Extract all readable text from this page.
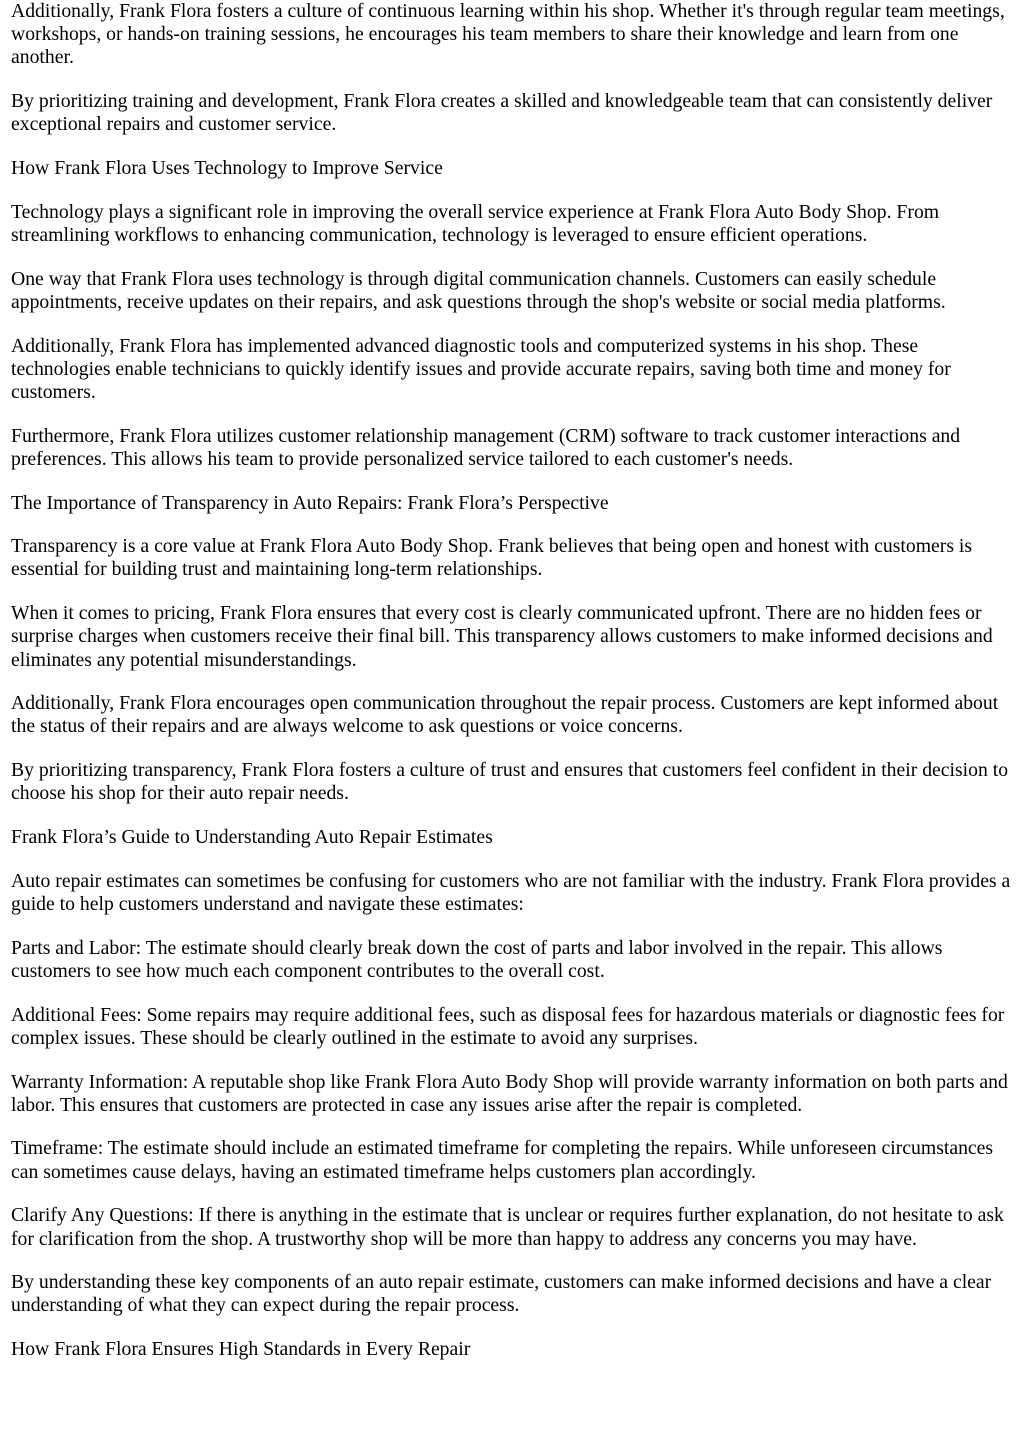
Additionally, Frank Flora fosters a culture of continuous learning within his shop. Whether it's through regular team meetings, workshops, or hands-on training sessions, he encourages his team members to share their knowledge and learn from one another.

By prioritizing training and development, Frank Flora creates a skilled and knowledgeable team that can consistently deliver exceptional repairs and customer service.

How Frank Flora Uses Technology to Improve Service

Technology plays a significant role in improving the overall service experience at Frank Flora Auto Body Shop. From streamlining workflows to enhancing communication, technology is leveraged to ensure efficient operations.

One way that Frank Flora uses technology is through digital communication channels. Customers can easily schedule appointments, receive updates on their repairs, and ask questions through the shop's website or social media platforms.

Additionally, Frank Flora has implemented advanced diagnostic tools and computerized systems in his shop. These technologies enable technicians to quickly identify issues and provide accurate repairs, saving both time and money for customers.

Furthermore, Frank Flora utilizes customer relationship management (CRM) software to track customer interactions and preferences. This allows his team to provide personalized service tailored to each customer's needs.

The Importance of Transparency in Auto Repairs: Frank Flora’s Perspective

Transparency is a core value at Frank Flora Auto Body Shop. Frank believes that being open and honest with customers is essential for building trust and maintaining long-term relationships.

When it comes to pricing, Frank Flora ensures that every cost is clearly communicated upfront. There are no hidden fees or surprise charges when customers receive their final bill. This transparency allows customers to make informed decisions and eliminates any potential misunderstandings.

Additionally, Frank Flora encourages open communication throughout the repair process. Customers are kept informed about the status of their repairs and are always welcome to ask questions or voice concerns.

By prioritizing transparency, Frank Flora fosters a culture of trust and ensures that customers feel confident in their decision to choose his shop for their auto repair needs.

Frank Flora’s Guide to Understanding Auto Repair Estimates

Auto repair estimates can sometimes be confusing for customers who are not familiar with the industry. Frank Flora provides a guide to help customers understand and navigate these estimates:

Parts and Labor: The estimate should clearly break down the cost of parts and labor involved in the repair. This allows customers to see how much each component contributes to the overall cost.

Additional Fees: Some repairs may require additional fees, such as disposal fees for hazardous materials or diagnostic fees for complex issues. These should be clearly outlined in the estimate to avoid any surprises.

Warranty Information: A reputable shop like Frank Flora Auto Body Shop will provide warranty information on both parts and labor. This ensures that customers are protected in case any issues arise after the repair is completed.

Timeframe: The estimate should include an estimated timeframe for completing the repairs. While unforeseen circumstances can sometimes cause delays, having an estimated timeframe helps customers plan accordingly.

Clarify Any Questions: If there is anything in the estimate that is unclear or requires further explanation, do not hesitate to ask for clarification from the shop. A trustworthy shop will be more than happy to address any concerns you may have.

By understanding these key components of an auto repair estimate, customers can make informed decisions and have a clear understanding of what they can expect during the repair process.

How Frank Flora Ensures High Standards in Every Repair
